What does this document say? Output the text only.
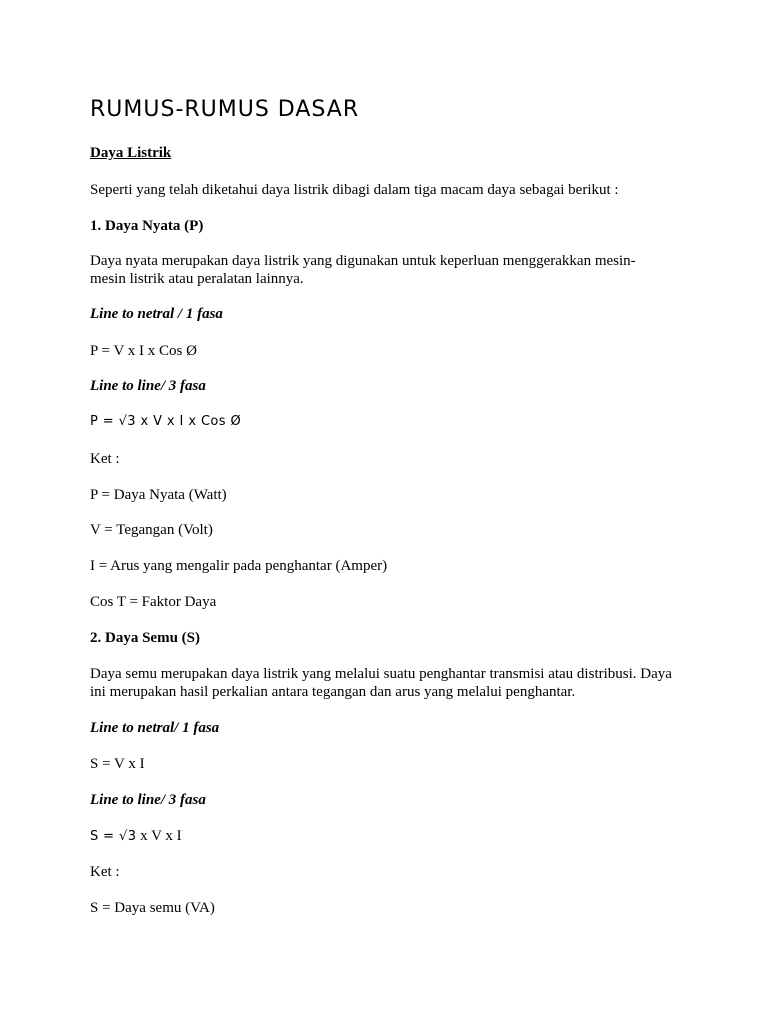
RUMUS-RUMUS DASAR
Daya Listrik
Seperti yang telah diketahui daya listrik dibagi dalam tiga macam daya sebagai berikut :
1. Daya Nyata (P)
Daya nyata merupakan daya listrik yang digunakan untuk keperluan menggerakkan mesin-
mesin listrik atau peralatan lainnya.
Line to netral / 1 fasa
P = V x I x Cos Ø
Line to line/ 3 fasa
P = √3 x V x I x Cos Ø
Ket :
P = Daya Nyata (Watt)
V = Tegangan (Volt)
I = Arus yang mengalir pada penghantar (Amper)
Cos T = Faktor Daya
2. Daya Semu (S)
Daya semu merupakan daya listrik yang melalui suatu penghantar transmisi atau distribusi. Daya
ini merupakan hasil perkalian antara tegangan dan arus yang melalui penghantar.
Line to netral/ 1 fasa
S = V x I
Line to line/ 3 fasa
S = √3 x V x I
Ket :
S = Daya semu (VA)
